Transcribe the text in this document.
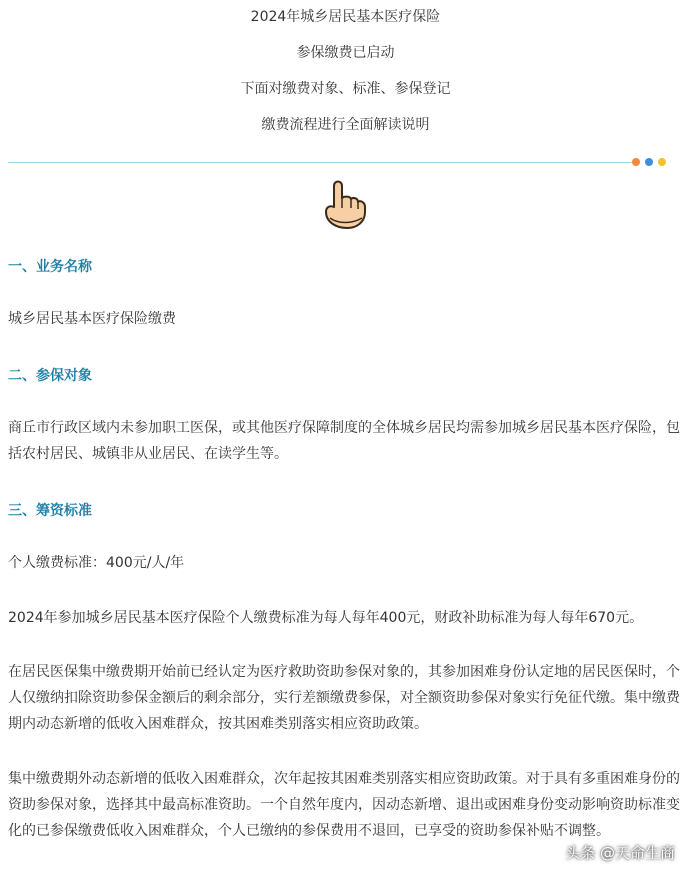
2024年城乡居民基本医疗保险
参保缴费已启动
下面对缴费对象、标准、参保登记
缴费流程进行全面解读说明
一、业务名称
城乡居民基本医疗保险缴费
二、参保对象
商丘市行政区域内未参加职工医保，或其他医疗保障制度的全体城乡居民均需参加城乡居民基本医疗保险，包括农村居民、城镇非从业居民、在读学生等。
三、筹资标准
个人缴费标准：400元/人/年
2024年参加城乡居民基本医疗保险个人缴费标准为每人每年400元，财政补助标准为每人每年670元。
在居民医保集中缴费期开始前已经认定为医疗救助资助参保对象的，其参加困难身份认定地的居民医保时，个人仅缴纳扣除资助参保金额后的剩余部分，实行差额缴费参保，对全额资助参保对象实行免征代缴。集中缴费期内动态新增的低收入困难群众，按其困难类别落实相应资助政策。
集中缴费期外动态新增的低收入困难群众，次年起按其困难类别落实相应资助政策。对于具有多重困难身份的资助参保对象，选择其中最高标准资助。一个自然年度内，因动态新增、退出或困难身份变动影响资助标准变化的已参保缴费低收入困难群众，个人已缴纳的参保费用不退回，已享受的资助参保补贴不调整。
头条 @天命生商
